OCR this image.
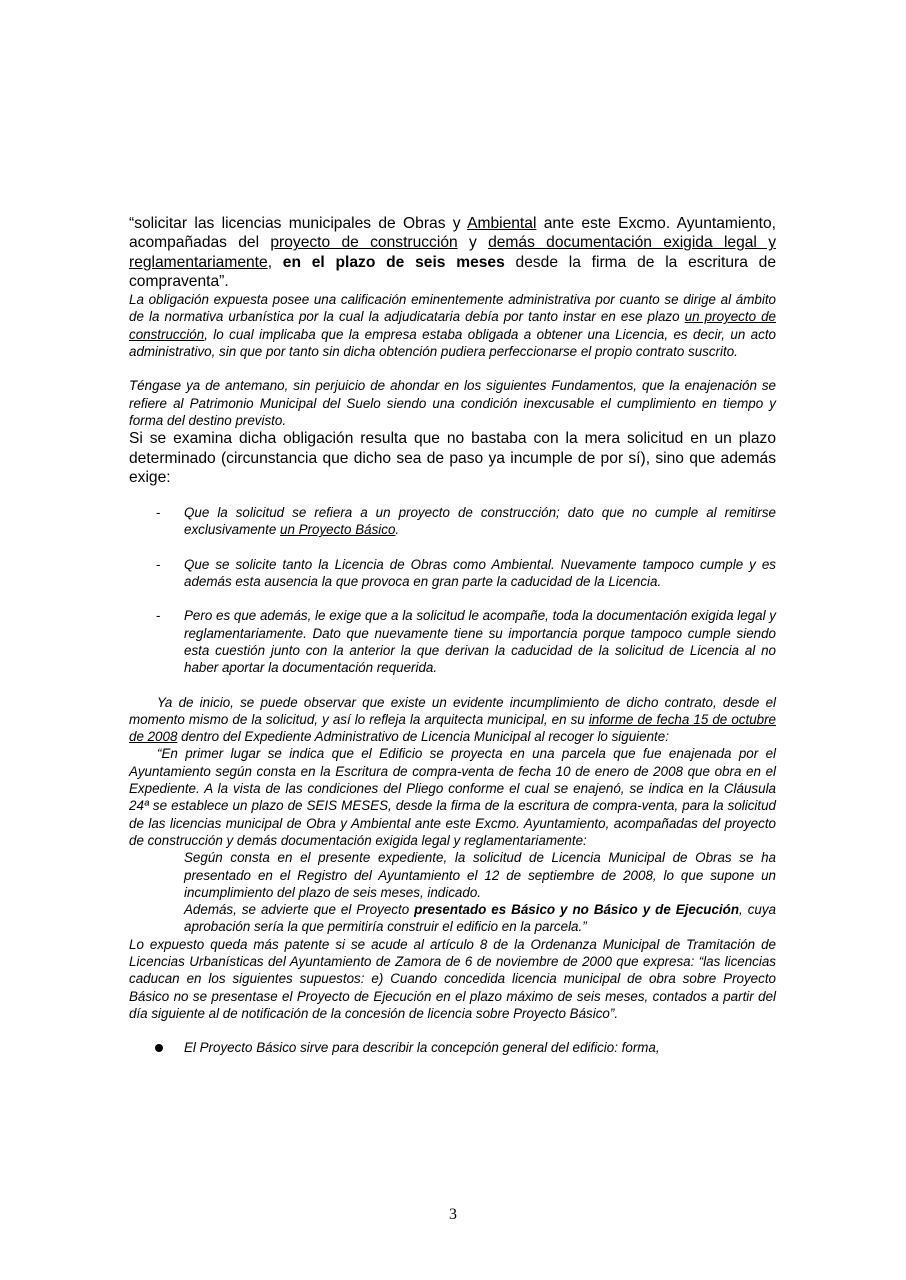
“solicitar las licencias municipales de Obras y Ambiental ante este Excmo. Ayuntamiento, acompañadas del proyecto de construcción y demás documentación exigida legal y reglamentariamente, en el plazo de seis meses desde la firma de la escritura de compraventa”.

La obligación expuesta posee una calificación eminentemente administrativa por cuanto se dirige al ámbito de la normativa urbanística por la cual la adjudicataria debía por tanto instar en ese plazo un proyecto de construcción, lo cual implicaba que la empresa estaba obligada a obtener una Licencia, es decir, un acto administrativo, sin que por tanto sin dicha obtención pudiera perfeccionarse el propio contrato suscrito.

Téngase ya de antemano, sin perjuicio de ahondar en los siguientes Fundamentos, que la enajenación se refiere al Patrimonio Municipal del Suelo siendo una condición inexcusable el cumplimiento en tiempo y forma del destino previsto.

Si se examina dicha obligación resulta que no bastaba con la mera solicitud en un plazo determinado (circunstancia que dicho sea de paso ya incumple de por sí), sino que además exige:

- Que la solicitud se refiera a un proyecto de construcción; dato que no cumple al remitirse exclusivamente un Proyecto Básico.

- Que se solicite tanto la Licencia de Obras como Ambiental. Nuevamente tampoco cumple y es además esta ausencia la que provoca en gran parte la caducidad de la Licencia.

- Pero es que además, le exige que a la solicitud le acompañe, toda la documentación exigida legal y reglamentariamente. Dato que nuevamente tiene su importancia porque tampoco cumple siendo esta cuestión junto con la anterior la que derivan la caducidad de la solicitud de Licencia al no haber aportar la documentación requerida.

Ya de inicio, se puede observar que existe un evidente incumplimiento de dicho contrato, desde el momento mismo de la solicitud, y así lo refleja la arquitecta municipal, en su informe de fecha 15 de octubre de 2008 dentro del Expediente Administrativo de Licencia Municipal al recoger lo siguiente:

“En primer lugar se indica que el Edificio se proyecta en una parcela que fue enajenada por el Ayuntamiento según consta en la Escritura de compra-venta de fecha 10 de enero de 2008 que obra en el Expediente. A la vista de las condiciones del Pliego conforme el cual se enajenó, se indica en la Cláusula 24ª se establece un plazo de SEIS MESES, desde la firma de la escritura de compra-venta, para la solicitud de las licencias municipal de Obra y Ambiental ante este Excmo. Ayuntamiento, acompañadas del proyecto de construcción y demás documentación exigida legal y reglamentariamente:

Según consta en el presente expediente, la solicitud de Licencia Municipal de Obras se ha presentado en el Registro del Ayuntamiento el 12 de septiembre de 2008, lo que supone un incumplimiento del plazo de seis meses, indicado.

Además, se advierte que el Proyecto presentado es Básico y no Básico y de Ejecución, cuya aprobación sería la que permitiría construir el edificio en la parcela.”

Lo expuesto queda más patente si se acude al artículo 8 de la Ordenanza Municipal de Tramitación de Licencias Urbanísticas del Ayuntamiento de Zamora de 6 de noviembre de 2000 que expresa: “las licencias caducan en los siguientes supuestos: e) Cuando concedida licencia municipal de obra sobre Proyecto Básico no se presentase el Proyecto de Ejecución en el plazo máximo de seis meses, contados a partir del día siguiente al de notificación de la concesión de licencia sobre Proyecto Básico”.

El Proyecto Básico sirve para describir la concepción general del edificio: forma,

3
